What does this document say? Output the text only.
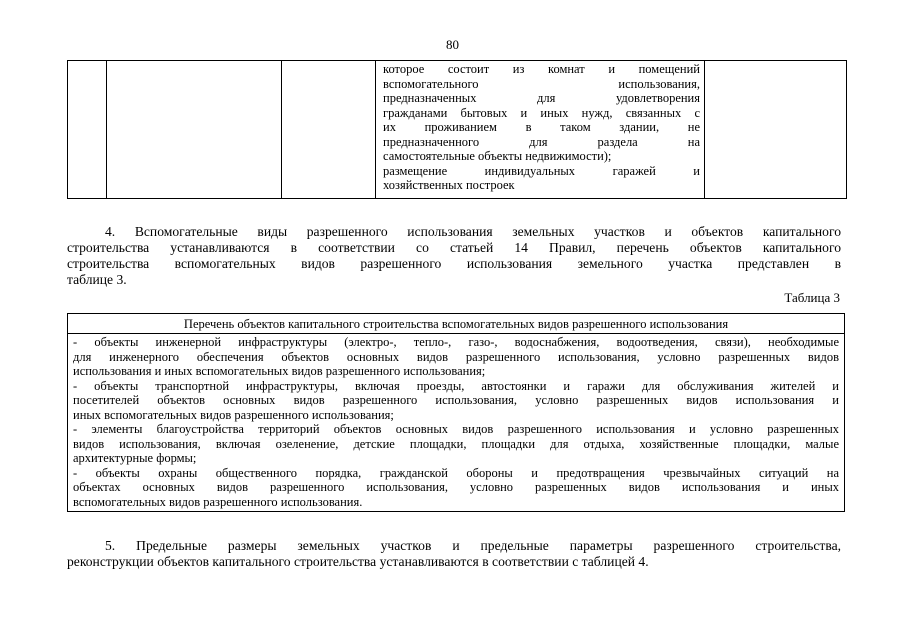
80

которое состоит из комнат и помещений
вспомогательного использования,
предназначенных для удовлетворения
гражданами бытовых и иных нужд, связанных с
их проживанием в таком здании, не
предназначенного для раздела на
самостоятельные объекты недвижимости);
размещение индивидуальных гаражей и
хозяйственных построек

4. Вспомогательные виды разрешенного использования земельных участков и объектов капитального
строительства устанавливаются в соответствии со статьей 14 Правил, перечень объектов капитального
строительства вспомогательных видов разрешенного использования земельного участка представлен в
таблице 3.
Таблица 3
Перечень объектов капитального строительства вспомогательных видов разрешенного использования
- объекты инженерной инфраструктуры (электро-, тепло-, газо-, водоснабжения, водоотведения, связи), необходимые
для инженерного обеспечения объектов основных видов разрешенного использования, условно разрешенных видов
использования и иных вспомогательных видов разрешенного использования;
- объекты транспортной инфраструктуры, включая проезды, автостоянки и гаражи для обслуживания жителей и
посетителей объектов основных видов разрешенного использования, условно разрешенных видов использования и
иных вспомогательных видов разрешенного использования;
- элементы благоустройства территорий объектов основных видов разрешенного использования и условно разрешенных
видов использования, включая озеленение, детские площадки, площадки для отдыха, хозяйственные площадки, малые
архитектурные формы;
- объекты охраны общественного порядка, гражданской обороны и предотвращения чрезвычайных ситуаций на
объектах основных видов разрешенного использования, условно разрешенных видов использования и иных
вспомогательных видов разрешенного использования.
5. Предельные размеры земельных участков и предельные параметры разрешенного строительства,
реконструкции объектов капитального строительства устанавливаются в соответствии с таблицей 4.
